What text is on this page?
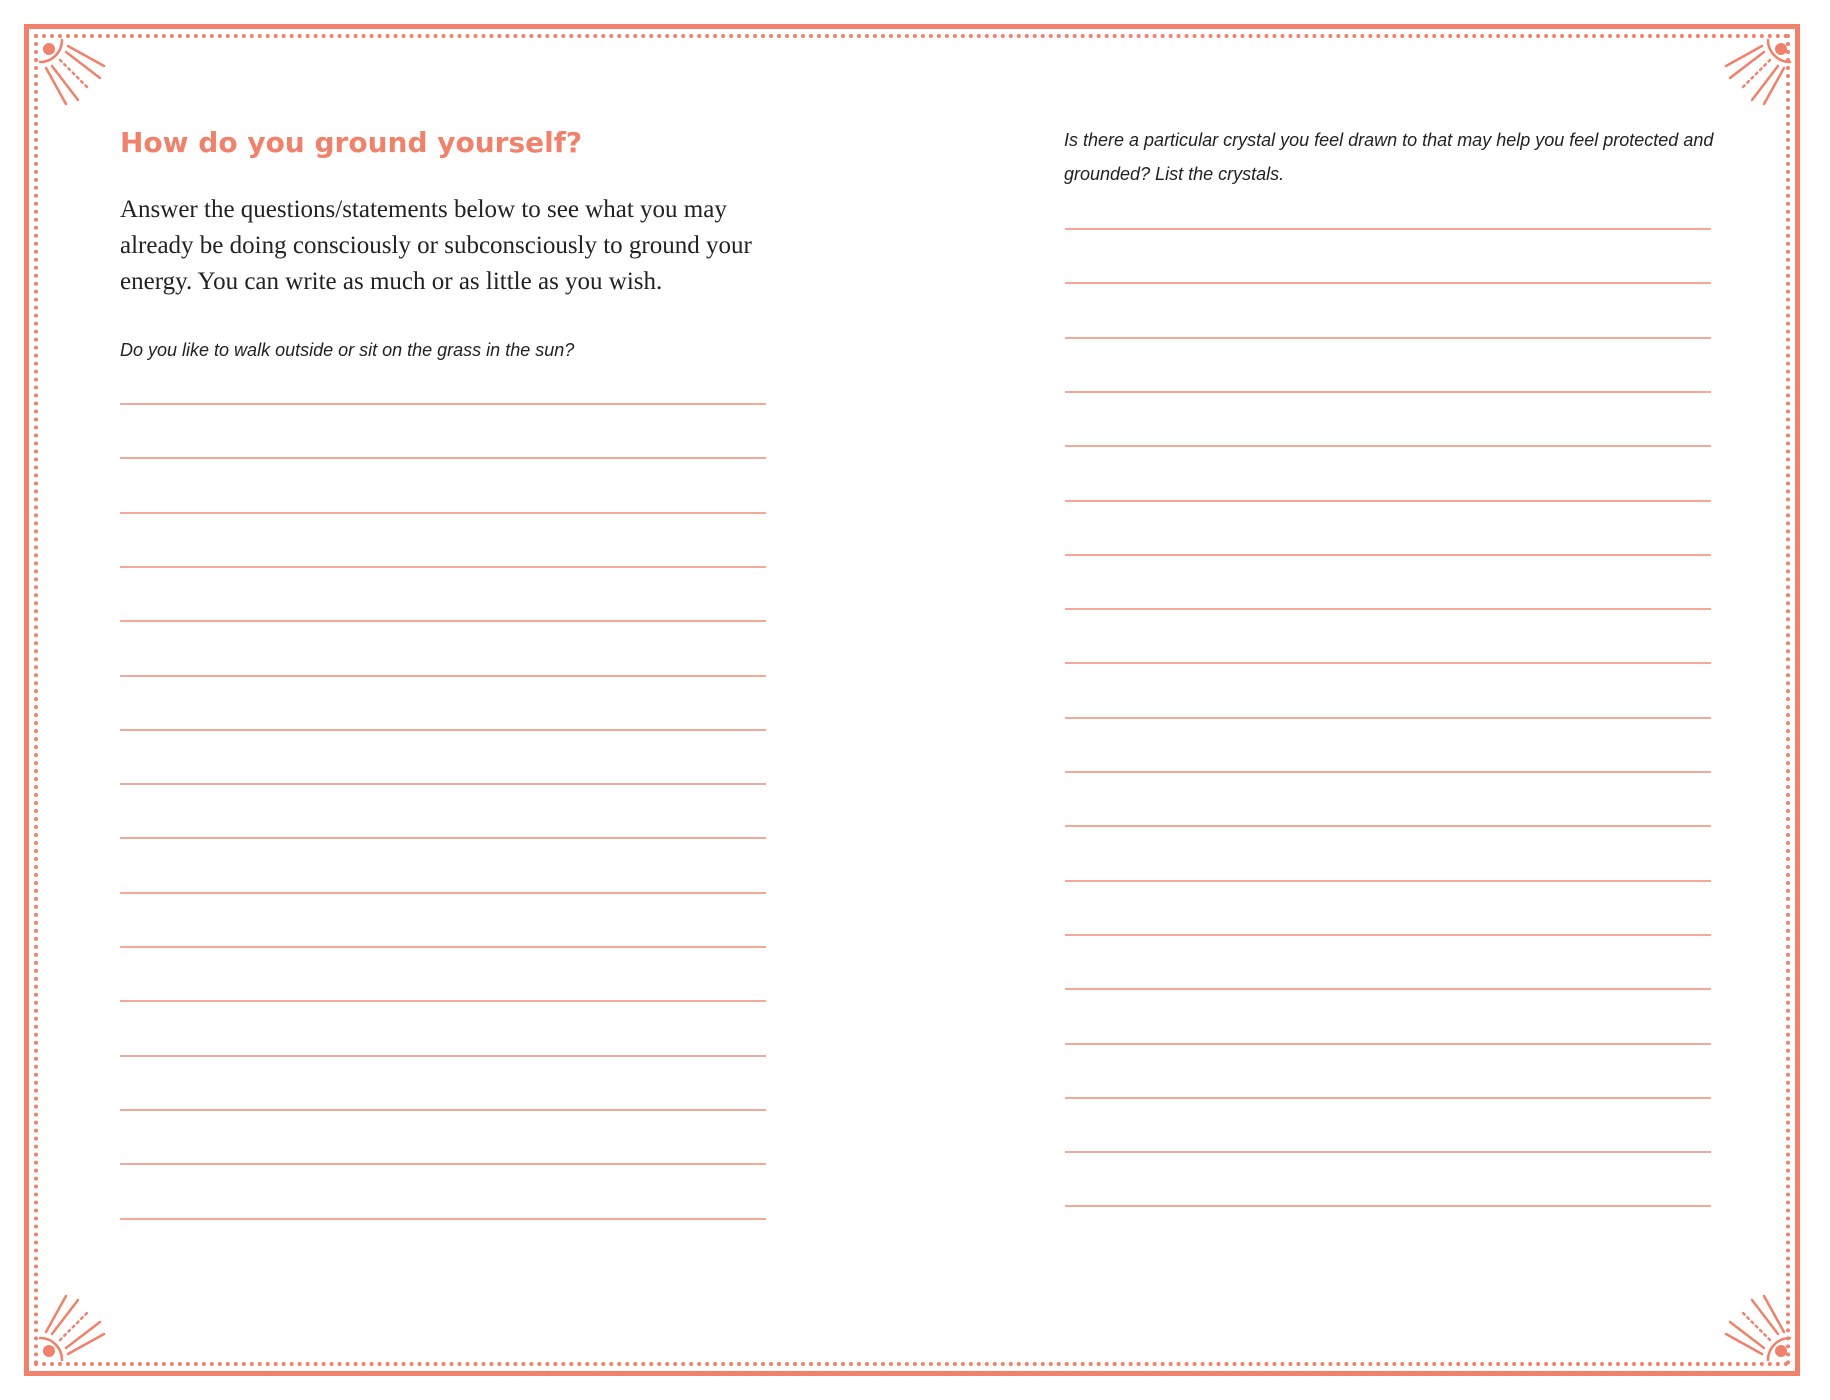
How do you ground yourself?

Answer the questions/statements below to see what you may already be doing consciously or subconsciously to ground your energy. You can write as much or as little as you wish.

Do you like to walk outside or sit on the grass in the sun?

Is there a particular crystal you feel drawn to that may help you feel protected and grounded? List the crystals.
